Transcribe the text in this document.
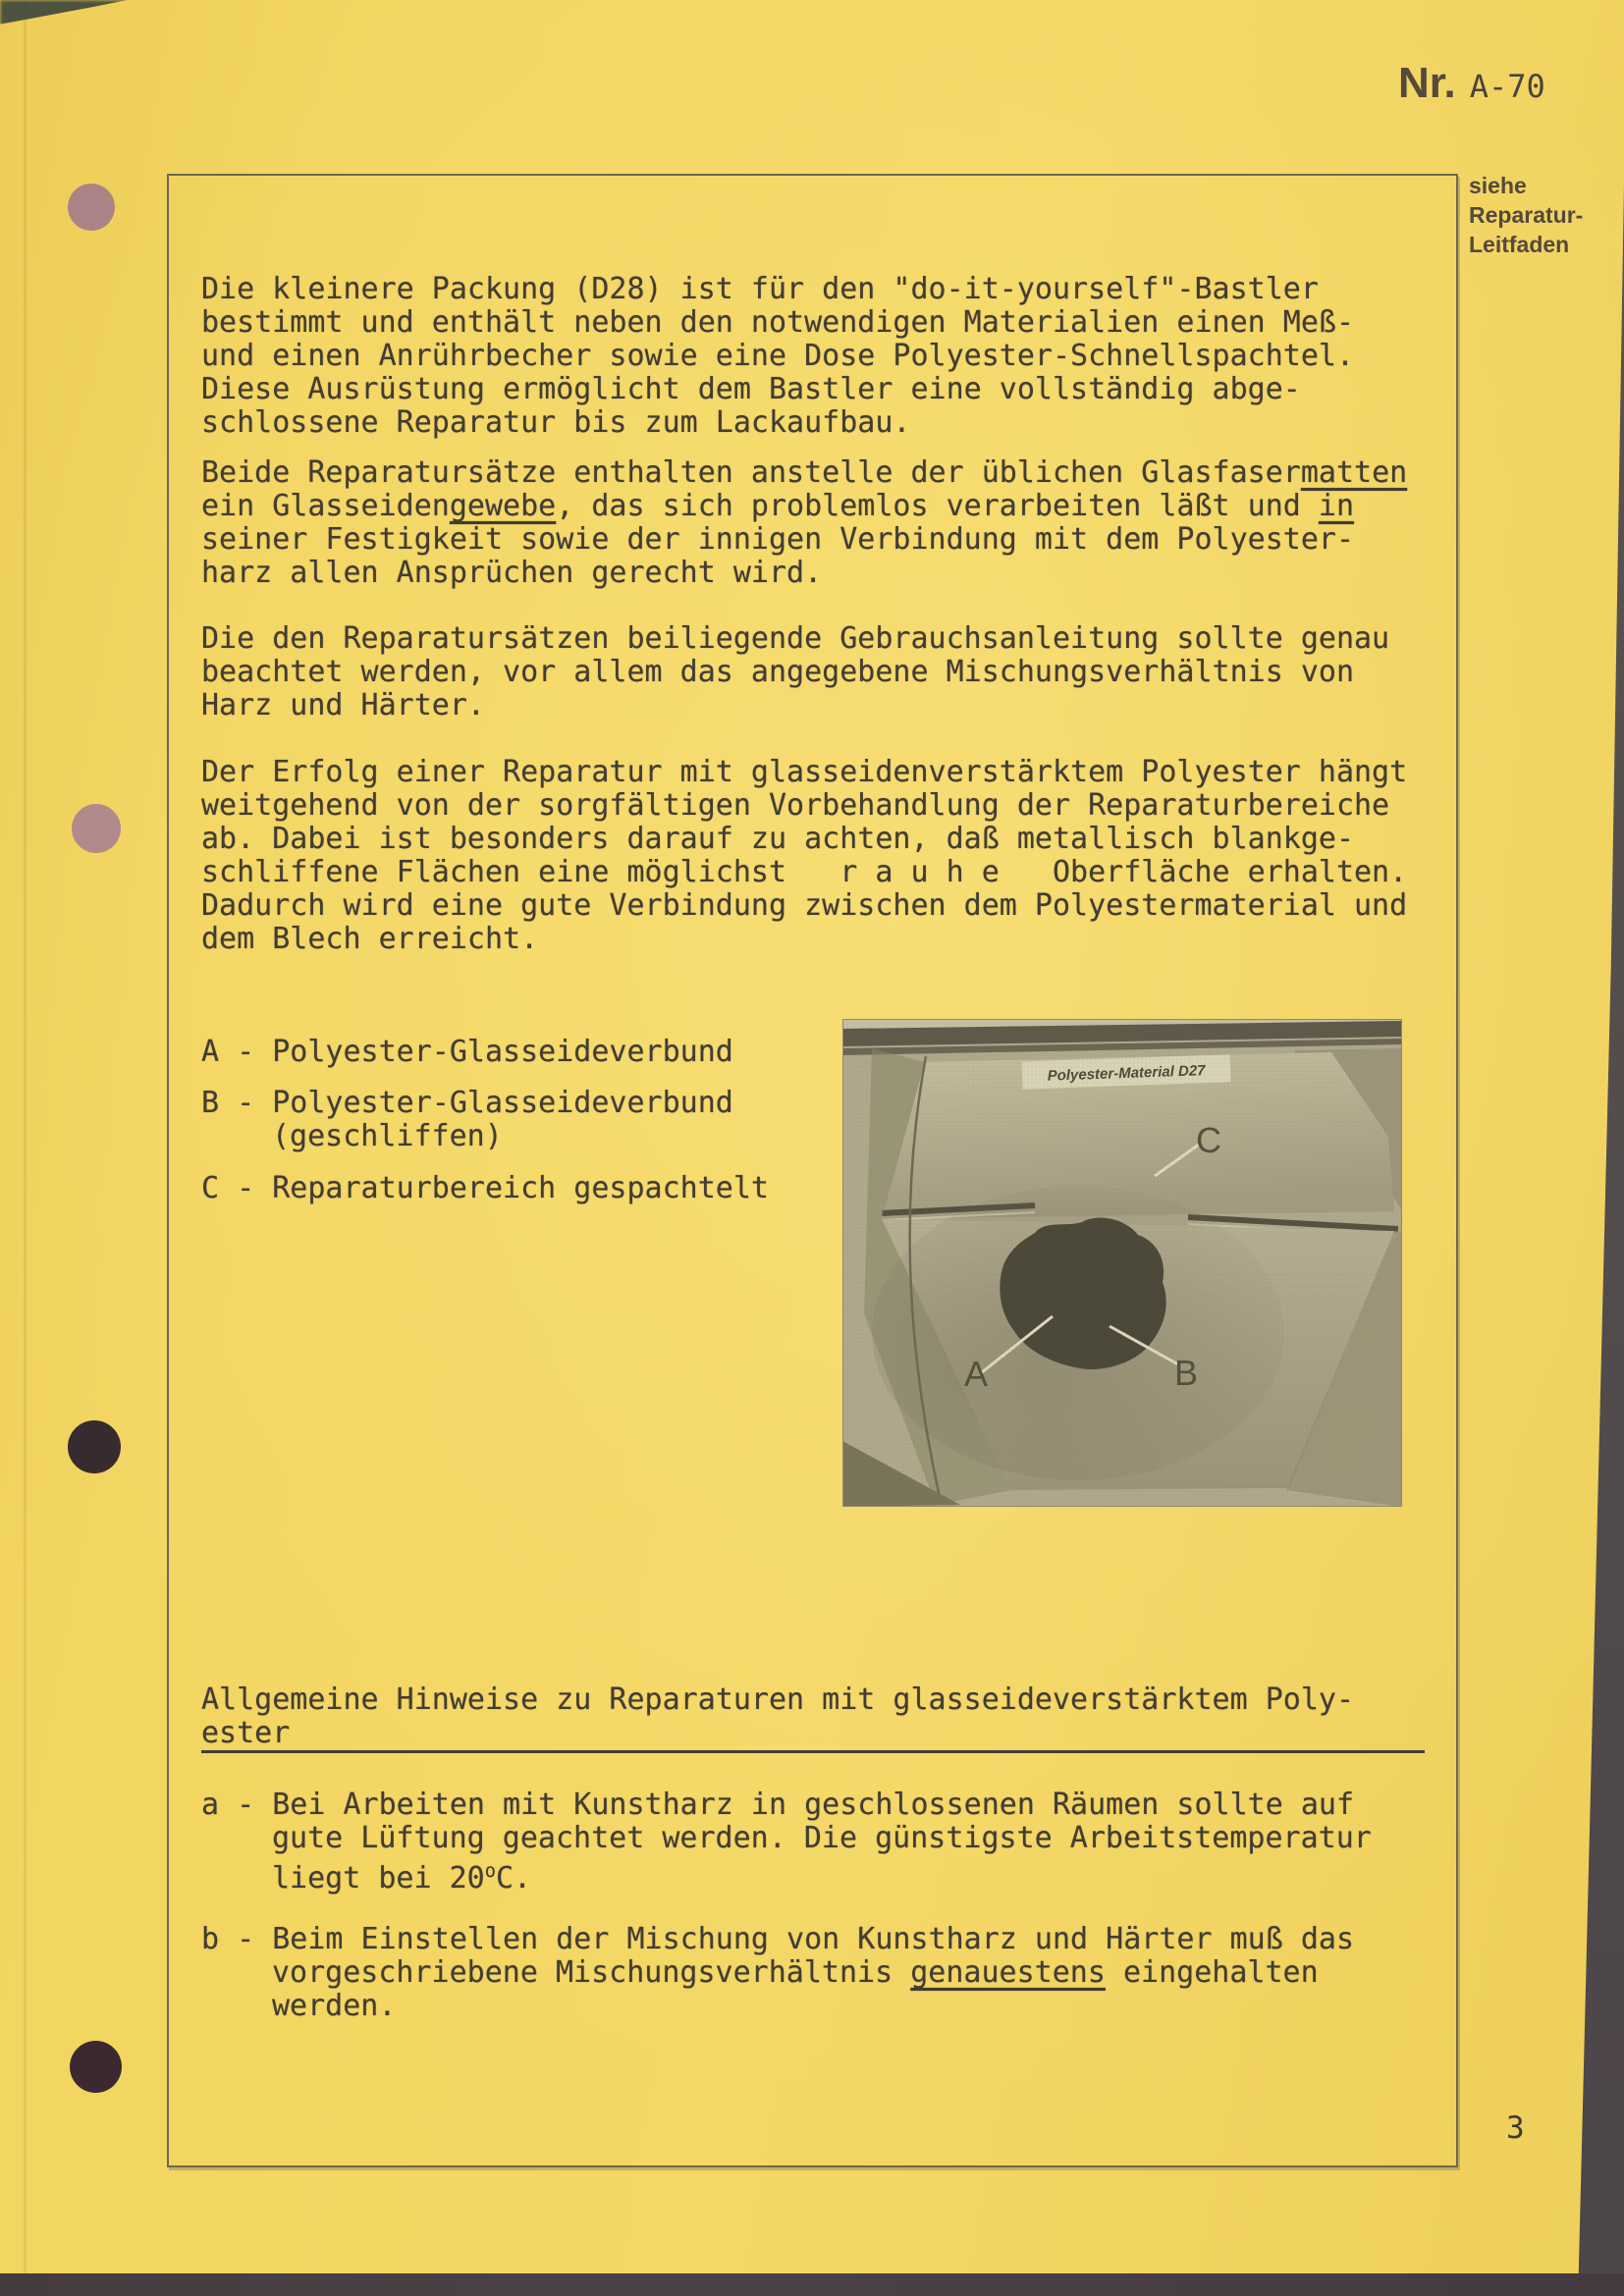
Nr. A-70
siehe
Reparatur-
Leitfaden
Die kleinere Packung (D28) ist für den "do-it-yourself"-Bastler
bestimmt und enthält neben den notwendigen Materialien einen Meß-
und einen Anrührbecher sowie eine Dose Polyester-Schnellspachtel.
Diese Ausrüstung ermöglicht dem Bastler eine vollständig abge-
schlossene Reparatur bis zum Lackaufbau.
Beide Reparatursätze enthalten anstelle der üblichen Glasfasermatten
ein Glasseidengewebe, das sich problemlos verarbeiten läßt und in
seiner Festigkeit sowie der innigen Verbindung mit dem Polyester-
harz allen Ansprüchen gerecht wird.
Die den Reparatursätzen beiliegende Gebrauchsanleitung sollte genau
beachtet werden, vor allem das angegebene Mischungsverhältnis von
Harz und Härter.
Der Erfolg einer Reparatur mit glasseidenverstärktem Polyester hängt
weitgehend von der sorgfältigen Vorbehandlung der Reparaturbereiche
ab. Dabei ist besonders darauf zu achten, daß metallisch blankge-
schliffene Flächen eine möglichst   r a u h e   Oberfläche erhalten.
Dadurch wird eine gute Verbindung zwischen dem Polyestermaterial und
dem Blech erreicht.
A - Polyester-Glasseideverbund
B - Polyester-Glasseideverbund
(geschliffen)
C - Reparaturbereich gespachtelt
Allgemeine Hinweise zu Reparaturen mit glasseideverstärktem Poly-
ester
a - Bei Arbeiten mit Kunstharz in geschlossenen Räumen sollte auf
gute Lüftung geachtet werden. Die günstigste Arbeitstemperatur
liegt bei 20$^o$C.
b - Beim Einstellen der Mischung von Kunstharz und Härter muß das
vorgeschriebene Mischungsverhältnis genauestens eingehalten
werden.
3
